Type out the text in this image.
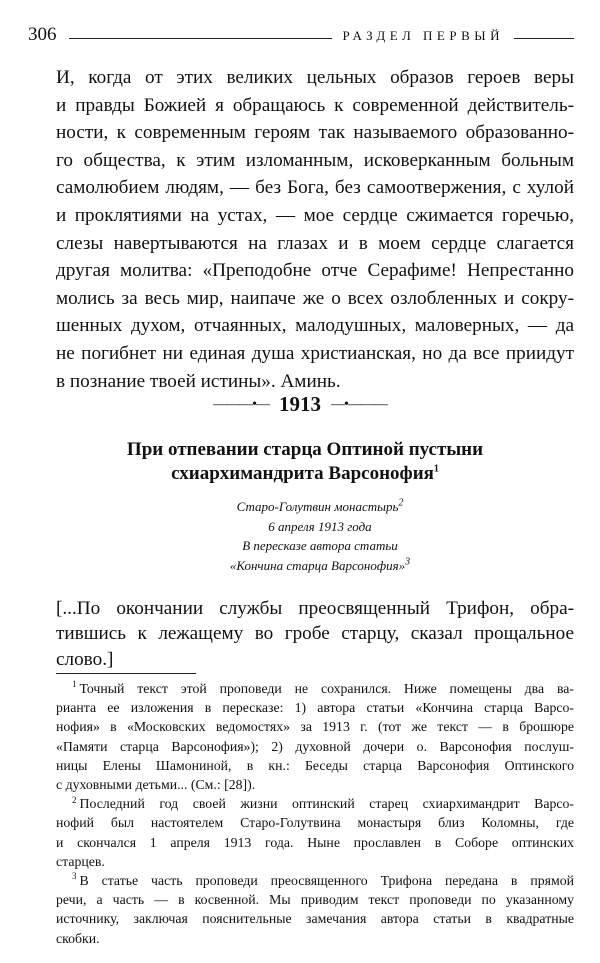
306	РАЗДЕЛ ПЕРВЫЙ
И, когда от этих великих цельных образов героев веры
и правды Божией я обращаюсь к современной действитель-
ности, к современным героям так называемого образованно-
го общества, к этим изломанным, исковерканным больным
самолюбием людям, — без Бога, без самоотвержения, с хулой
и проклятиями на устах, — мое сердце сжимается горечью,
слезы навертываются на глазах и в моем сердце слагается
другая молитва: «Преподобне отче Серафиме! Непрестанно
молись за весь мир, наипаче же о всех озлобленных и сокру-
шенных духом, отчаянных, малодушных, маловерных, — да
не погибнет ни единая душа христианская, но да все приидут
в познание твоей истины». Аминь.
———•— 1913 —•———
При отпевании старца Оптиной пустыни
схиархимандрита Варсонофия$^1$
Старо-Голутвин монастырь$^2$
6 апреля 1913 года
В пересказе автора статьи
«Кончина старца Варсонофия»$^3$
[...По окончании службы преосвященный Трифон, обра-
тившись к лежащему во гробе старцу, сказал прощальное
слово.]
$^1$ Точный текст этой проповеди не сохранился. Ниже помещены два ва-
рианта ее изложения в пересказе: 1) автора статьи «Кончина старца Варсо-
нофия» в «Московских ведомостях» за 1913 г. (тот же текст — в брошюре
«Памяти старца Варсонофия»); 2) духовной дочери о. Варсонофия послуш-
ницы Елены Шамониной, в кн.: Беседы старца Варсонофия Оптинского
с духовными детьми... (См.: [28]).
$^2$ Последний год своей жизни оптинский старец схиархимандрит Варсо-
нофий был настоятелем Старо-Голутвина монастыря близ Коломны, где
и скончался 1 апреля 1913 года. Ныне прославлен в Соборе оптинских
старцев.
$^3$ В статье часть проповеди преосвященного Трифона передана в прямой
речи, а часть — в косвенной. Мы приводим текст проповеди по указанному
источнику, заключая пояснительные замечания автора статьи в квадратные
скобки.
